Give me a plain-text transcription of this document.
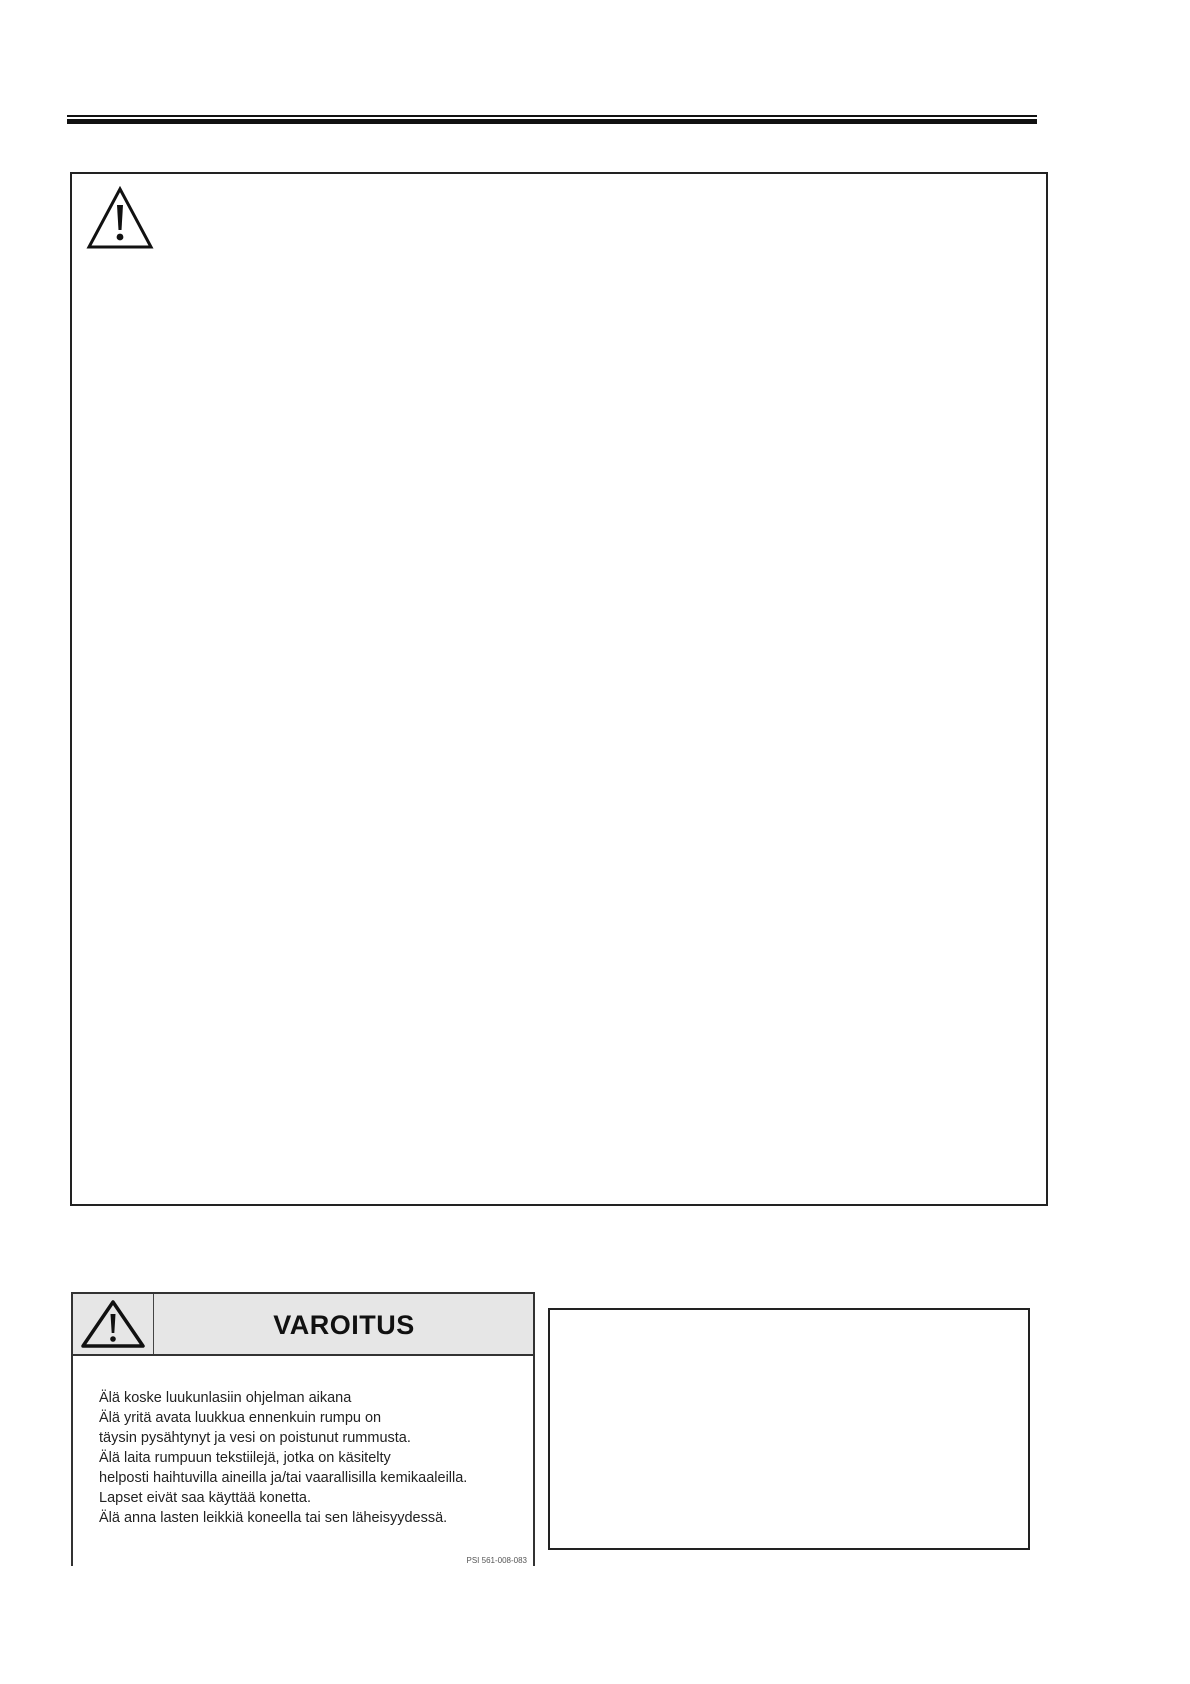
VAROITUS
Älä koske luukunlasiin ohjelman aikana
Älä yritä avata luukkua ennenkuin rumpu on
täysin pysähtynyt ja vesi on poistunut rummusta.
Älä laita rumpuun tekstiilejä, jotka on käsitelty
helposti haihtuvilla aineilla ja/tai vaarallisilla kemikaaleilla.
Lapset eivät saa käyttää konetta.
Älä anna lasten leikkiä koneella tai sen läheisyydessä.
PSI 561-008-083
